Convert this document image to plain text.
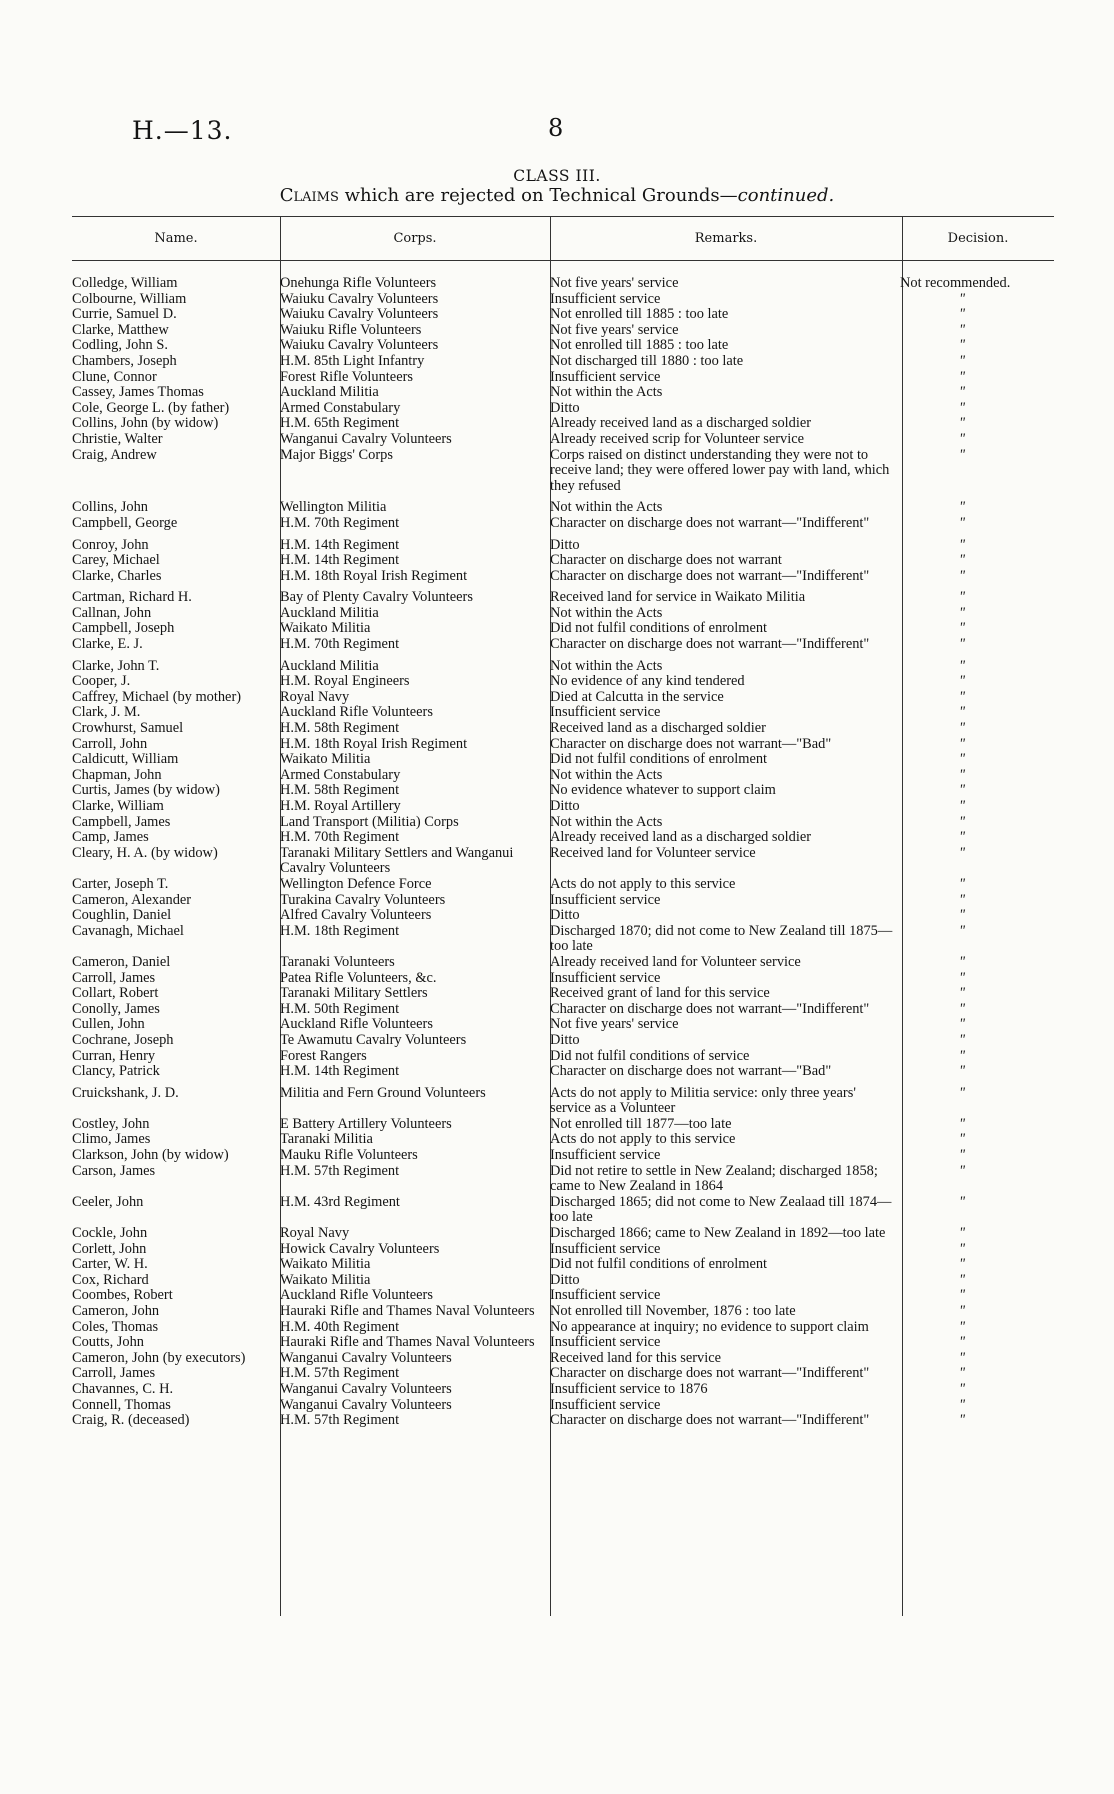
H.—13.	8
CLASS III.
Claims which are rejected on Technical Grounds—continued.
Name.	Corps.	Remarks.	Decision.
Colledge, William	Onehunga Rifle Volunteers	Not five years' service	Not recommended.
Colbourne, William	Waiuku Cavalry Volunteers	Insufficient service	"
Currie, Samuel D.	Waiuku Cavalry Volunteers	Not enrolled till 1885 : too late	"
Clarke, Matthew	Waiuku Rifle Volunteers	Not five years' service	"
Codling, John S.	Waiuku Cavalry Volunteers	Not enrolled till 1885 : too late	"
Chambers, Joseph	H.M. 85th Light Infantry	Not discharged till 1880 : too late	"
Clune, Connor	Forest Rifle Volunteers	Insufficient service	"
Cassey, James Thomas	Auckland Militia	Not within the Acts	"
Cole, George L. (by father)	Armed Constabulary	Ditto	"
Collins, John (by widow)	H.M. 65th Regiment	Already received land as a discharged soldier	"
Christie, Walter	Wanganui Cavalry Volunteers	Already received scrip for Volunteer service	"
Craig, Andrew	Major Biggs' Corps	Corps raised on distinct understanding they were not to receive land; they were offered lower pay with land, which they refused	"
Collins, John	Wellington Militia	Not within the Acts	"
Campbell, George	H.M. 70th Regiment	Character on discharge does not warrant—"Indifferent"	"
Conroy, John	H.M. 14th Regiment	Ditto	"
Carey, Michael	H.M. 14th Regiment	Character on discharge does not warrant	"
Clarke, Charles	H.M. 18th Royal Irish Regiment	Character on discharge does not warrant—"Indifferent"	"
Cartman, Richard H.	Bay of Plenty Cavalry Volunteers	Received land for service in Waikato Militia	"
Callnan, John	Auckland Militia	Not within the Acts	"
Campbell, Joseph	Waikato Militia	Did not fulfil conditions of enrolment	"
Clarke, E. J.	H.M. 70th Regiment	Character on discharge does not warrant—"Indifferent"	"
Clarke, John T.	Auckland Militia	Not within the Acts	"
Cooper, J.	H.M. Royal Engineers	No evidence of any kind tendered	"
Caffrey, Michael (by mother)	Royal Navy	Died at Calcutta in the service	"
Clark, J. M.	Auckland Rifle Volunteers	Insufficient service	"
Crowhurst, Samuel	H.M. 58th Regiment	Received land as a discharged soldier	"
Carroll, John	H.M. 18th Royal Irish Regiment	Character on discharge does not warrant—"Bad"	"
Caldicutt, William	Waikato Militia	Did not fulfil conditions of enrolment	"
Chapman, John	Armed Constabulary	Not within the Acts	"
Curtis, James (by widow)	H.M. 58th Regiment	No evidence whatever to support claim	"
Clarke, William	H.M. Royal Artillery	Ditto	"
Campbell, James	Land Transport (Militia) Corps	Not within the Acts	"
Camp, James	H.M. 70th Regiment	Already received land as a discharged soldier	"
Cleary, H. A. (by widow)	Taranaki Military Settlers and Wanganui Cavalry Volunteers	Received land for Volunteer service	"
Carter, Joseph T.	Wellington Defence Force	Acts do not apply to this service	"
Cameron, Alexander	Turakina Cavalry Volunteers	Insufficient service	"
Coughlin, Daniel	Alfred Cavalry Volunteers	Ditto	"
Cavanagh, Michael	H.M. 18th Regiment	Discharged 1870; did not come to New Zealand till 1875—too late	"
Cameron, Daniel	Taranaki Volunteers	Already received land for Volunteer service	"
Carroll, James	Patea Rifle Volunteers, &c.	Insufficient service	"
Collart, Robert	Taranaki Military Settlers	Received grant of land for this service	"
Conolly, James	H.M. 50th Regiment	Character on discharge does not warrant—"Indifferent"	"
Cullen, John	Auckland Rifle Volunteers	Not five years' service	"
Cochrane, Joseph	Te Awamutu Cavalry Volunteers	Ditto	"
Curran, Henry	Forest Rangers	Did not fulfil conditions of service	"
Clancy, Patrick	H.M. 14th Regiment	Character on discharge does not warrant—"Bad"	"
Cruickshank, J. D.	Militia and Fern Ground Volunteers	Acts do not apply to Militia service: only three years' service as a Volunteer	"
Costley, John	E Battery Artillery Volunteers	Not enrolled till 1877—too late	"
Climo, James	Taranaki Militia	Acts do not apply to this service	"
Clarkson, John (by widow)	Mauku Rifle Volunteers	Insufficient service	"
Carson, James	H.M. 57th Regiment	Did not retire to settle in New Zealand; discharged 1858; came to New Zealand in 1864	"
Ceeler, John	H.M. 43rd Regiment	Discharged 1865; did not come to New Zealaad till 1874—too late	"
Cockle, John	Royal Navy	Discharged 1866; came to New Zealand in 1892—too late	"
Corlett, John	Howick Cavalry Volunteers	Insufficient service	"
Carter, W. H.	Waikato Militia	Did not fulfil conditions of enrolment	"
Cox, Richard	Waikato Militia	Ditto	"
Coombes, Robert	Auckland Rifle Volunteers	Insufficient service	"
Cameron, John	Hauraki Rifle and Thames Naval Volunteers	Not enrolled till November, 1876 : too late	"
Coles, Thomas	H.M. 40th Regiment	No appearance at inquiry; no evidence to support claim	"
Coutts, John	Hauraki Rifle and Thames Naval Volunteers	Insufficient service	"
Cameron, John (by executors)	Wanganui Cavalry Volunteers	Received land for this service	"
Carroll, James	H.M. 57th Regiment	Character on discharge does not warrant—"Indifferent"	"
Chavannes, C. H.	Wanganui Cavalry Volunteers	Insufficient service to 1876	"
Connell, Thomas	Wanganui Cavalry Volunteers	Insufficient service	"
Craig, R. (deceased)	H.M. 57th Regiment	Character on discharge does not warrant—"Indifferent"	"
